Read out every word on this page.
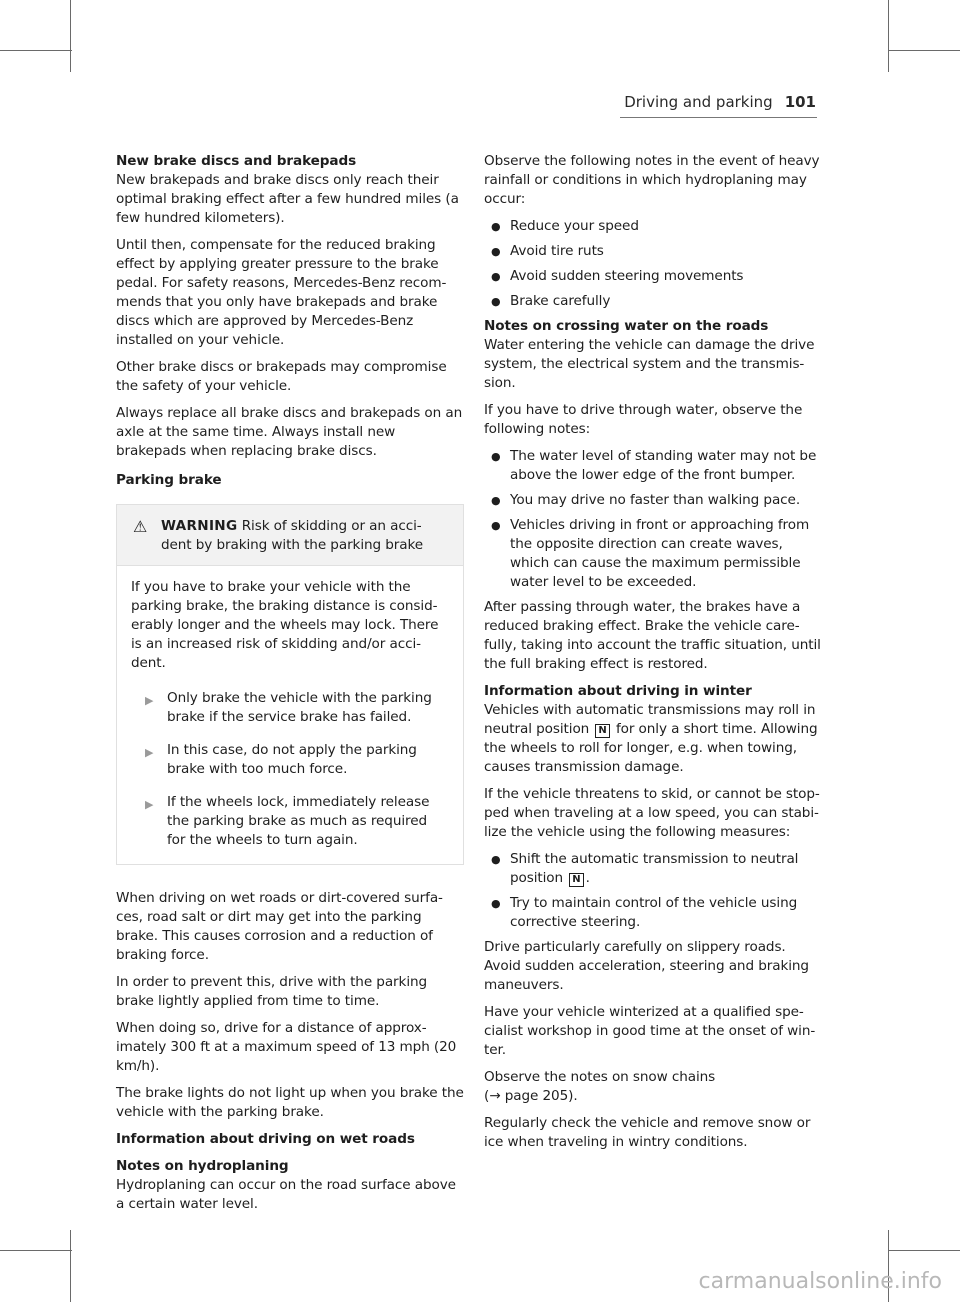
Driving and parking 101
New brake discs and brakepads

New brakepads and brake discs only reach their optimal braking effect after a few hundred miles (a few hundred kilometers).

Until then, compensate for the reduced braking effect by applying greater pressure to the brake pedal. For safety reasons, Mercedes-Benz recom-mends that you only have brakepads and brake discs which are approved by Mercedes-Benz installed on your vehicle.

Other brake discs or brakepads may compromise the safety of your vehicle.

Always replace all brake discs and brakepads on an axle at the same time. Always install new brakepads when replacing brake discs.

Parking brake
⚠ WARNING Risk of skidding or an acci-dent by braking with the parking brake

If you have to brake your vehicle with the parking brake, the braking distance is consid-erably longer and the wheels may lock. There is an increased risk of skidding and/or acci-dent.

▶ Only brake the vehicle with the parking brake if the service brake has failed.
▶ In this case, do not apply the parking brake with too much force.
▶ If the wheels lock, immediately release the parking brake as much as required for the wheels to turn again.

When driving on wet roads or dirt-covered surfa-ces, road salt or dirt may get into the parking brake. This causes corrosion and a reduction of braking force.

In order to prevent this, drive with the parking brake lightly applied from time to time.

When doing so, drive for a distance of approx-imately 300 ft at a maximum speed of 13 mph (20 km/h).

The brake lights do not light up when you brake the vehicle with the parking brake.

Information about driving on wet roads
Notes on hydroplaning

Hydroplaning can occur on the road surface above a certain water level.

Observe the following notes in the event of heavy rainfall or conditions in which hydroplaning may occur:

● Reduce your speed
● Avoid tire ruts
● Avoid sudden steering movements
● Brake carefully
Notes on crossing water on the roads

Water entering the vehicle can damage the drive system, the electrical system and the transmis-sion.

If you have to drive through water, observe the following notes:

● The water level of standing water may not be above the lower edge of the front bumper.
● You may drive no faster than walking pace.
● Vehicles driving in front or approaching from the opposite direction can create waves, which can cause the maximum permissible water level to be exceeded.

After passing through water, the brakes have a reduced braking effect. Brake the vehicle care-fully, taking into account the traffic situation, until the full braking effect is restored.

Information about driving in winter

Vehicles with automatic transmissions may roll in neutral position N for only a short time. Allowing the wheels to roll for longer, e.g. when towing, causes transmission damage.

If the vehicle threatens to skid, or cannot be stop-ped when traveling at a low speed, you can stabi-lize the vehicle using the following measures:

● Shift the automatic transmission to neutral position N .
● Try to maintain control of the vehicle using corrective steering.

Drive particularly carefully on slippery roads. Avoid sudden acceleration, steering and braking maneuvers.

Have your vehicle winterized at a qualified spe-cialist workshop in good time at the onset of win-ter.

Observe the notes on snow chains
(→ page 205).

Regularly check the vehicle and remove snow or ice when traveling in wintry conditions.

carmanualsonline.info
